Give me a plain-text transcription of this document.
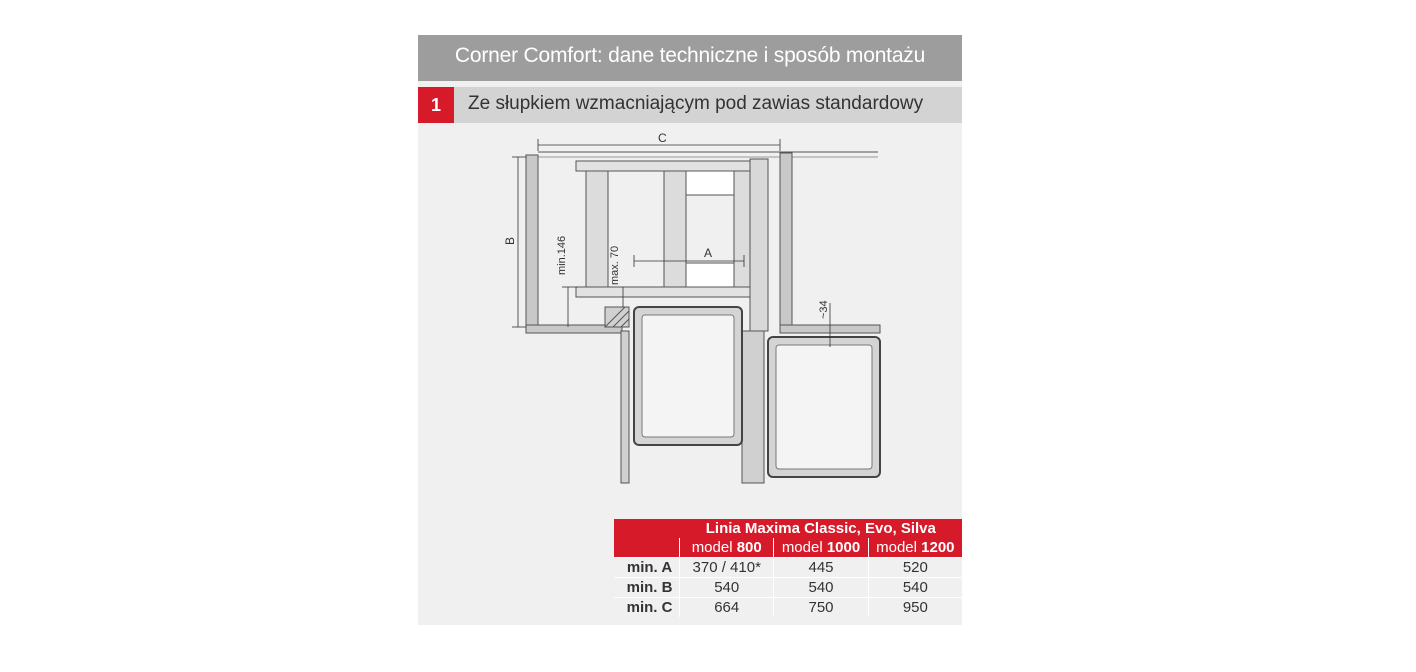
Corner Comfort: dane techniczne i sposób montażu
1	Ze słupkiem wzmacniającym pod zawias standardowy
C
B	min.146	max. 70	A
~34
	Linia Maxima Classic, Evo, Silva		
	model 800	model 1000	model 1200
min. A	370 / 410*	445	520
min. B	540	540	540
min. C	664	750	950
